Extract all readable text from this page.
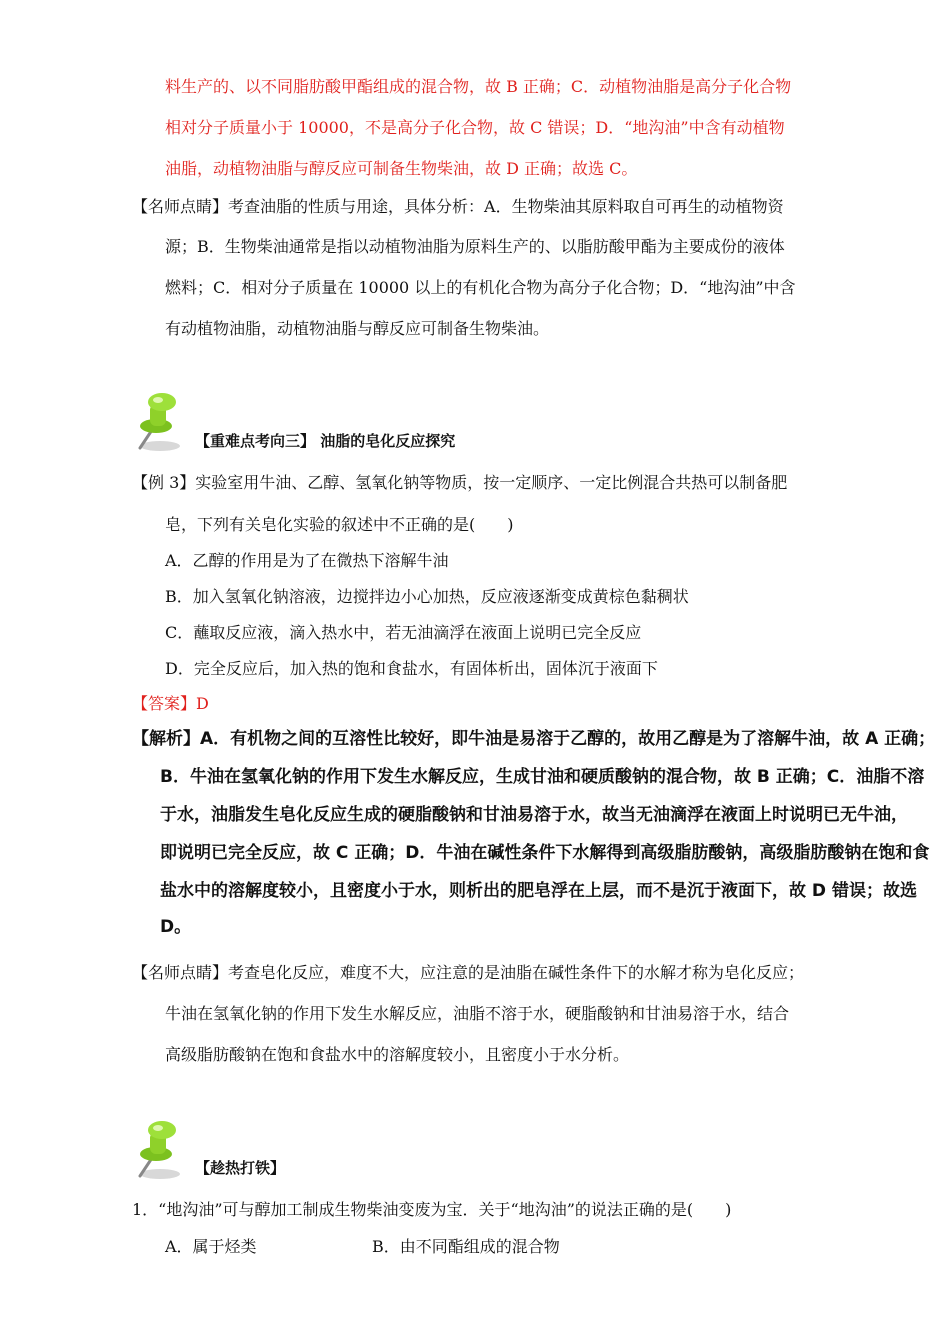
料生产的、以不同脂肪酸甲酯组成的混合物，故 B 正确；C．动植物油脂是高分子化合物
相对分子质量小于 10000，不是高分子化合物，故 C 错误；D．“地沟油”中含有动植物
油脂，动植物油脂与醇反应可制备生物柴油，故 D 正确；故选 C。
【名师点睛】考查油脂的性质与用途，具体分析：A．生物柴油其原料取自可再生的动植物资
源；B．生物柴油通常是指以动植物油脂为原料生产的、以脂肪酸甲酯为主要成份的液体
燃料；C．相对分子质量在 10000 以上的有机化合物为高分子化合物；D．“地沟油”中含
有动植物油脂，动植物油脂与醇反应可制备生物柴油。
【重难点考向三】 油脂的皂化反应探究
【例 3】实验室用牛油、乙醇、氢氧化钠等物质，按一定顺序、一定比例混合共热可以制备肥
皂，下列有关皂化实验的叙述中不正确的是(　　)
A．乙醇的作用是为了在微热下溶解牛油
B．加入氢氧化钠溶液，边搅拌边小心加热，反应液逐渐变成黄棕色黏稠状
C．蘸取反应液，滴入热水中，若无油滴浮在液面上说明已完全反应
D．完全反应后，加入热的饱和食盐水，有固体析出，固体沉于液面下
【答案】D
【解析】A．有机物之间的互溶性比较好，即牛油是易溶于乙醇的，故用乙醇是为了溶解牛油，故 A 正确；
B．牛油在氢氧化钠的作用下发生水解反应，生成甘油和硬质酸钠的混合物，故 B 正确；C．油脂不溶
于水，油脂发生皂化反应生成的硬脂酸钠和甘油易溶于水，故当无油滴浮在液面上时说明已无牛油，
即说明已完全反应，故 C 正确；D．牛油在碱性条件下水解得到高级脂肪酸钠，高级脂肪酸钠在饱和食
盐水中的溶解度较小，且密度小于水，则析出的肥皂浮在上层，而不是沉于液面下，故 D 错误；故选
D。
【名师点睛】考查皂化反应，难度不大，应注意的是油脂在碱性条件下的水解才称为皂化反应；
牛油在氢氧化钠的作用下发生水解反应，油脂不溶于水，硬脂酸钠和甘油易溶于水，结合
高级脂肪酸钠在饱和食盐水中的溶解度较小，且密度小于水分析。
【趁热打铁】
1．“地沟油”可与醇加工制成生物柴油变废为宝．关于“地沟油”的说法正确的是(　　)
A．属于烃类	B．由不同酯组成的混合物
